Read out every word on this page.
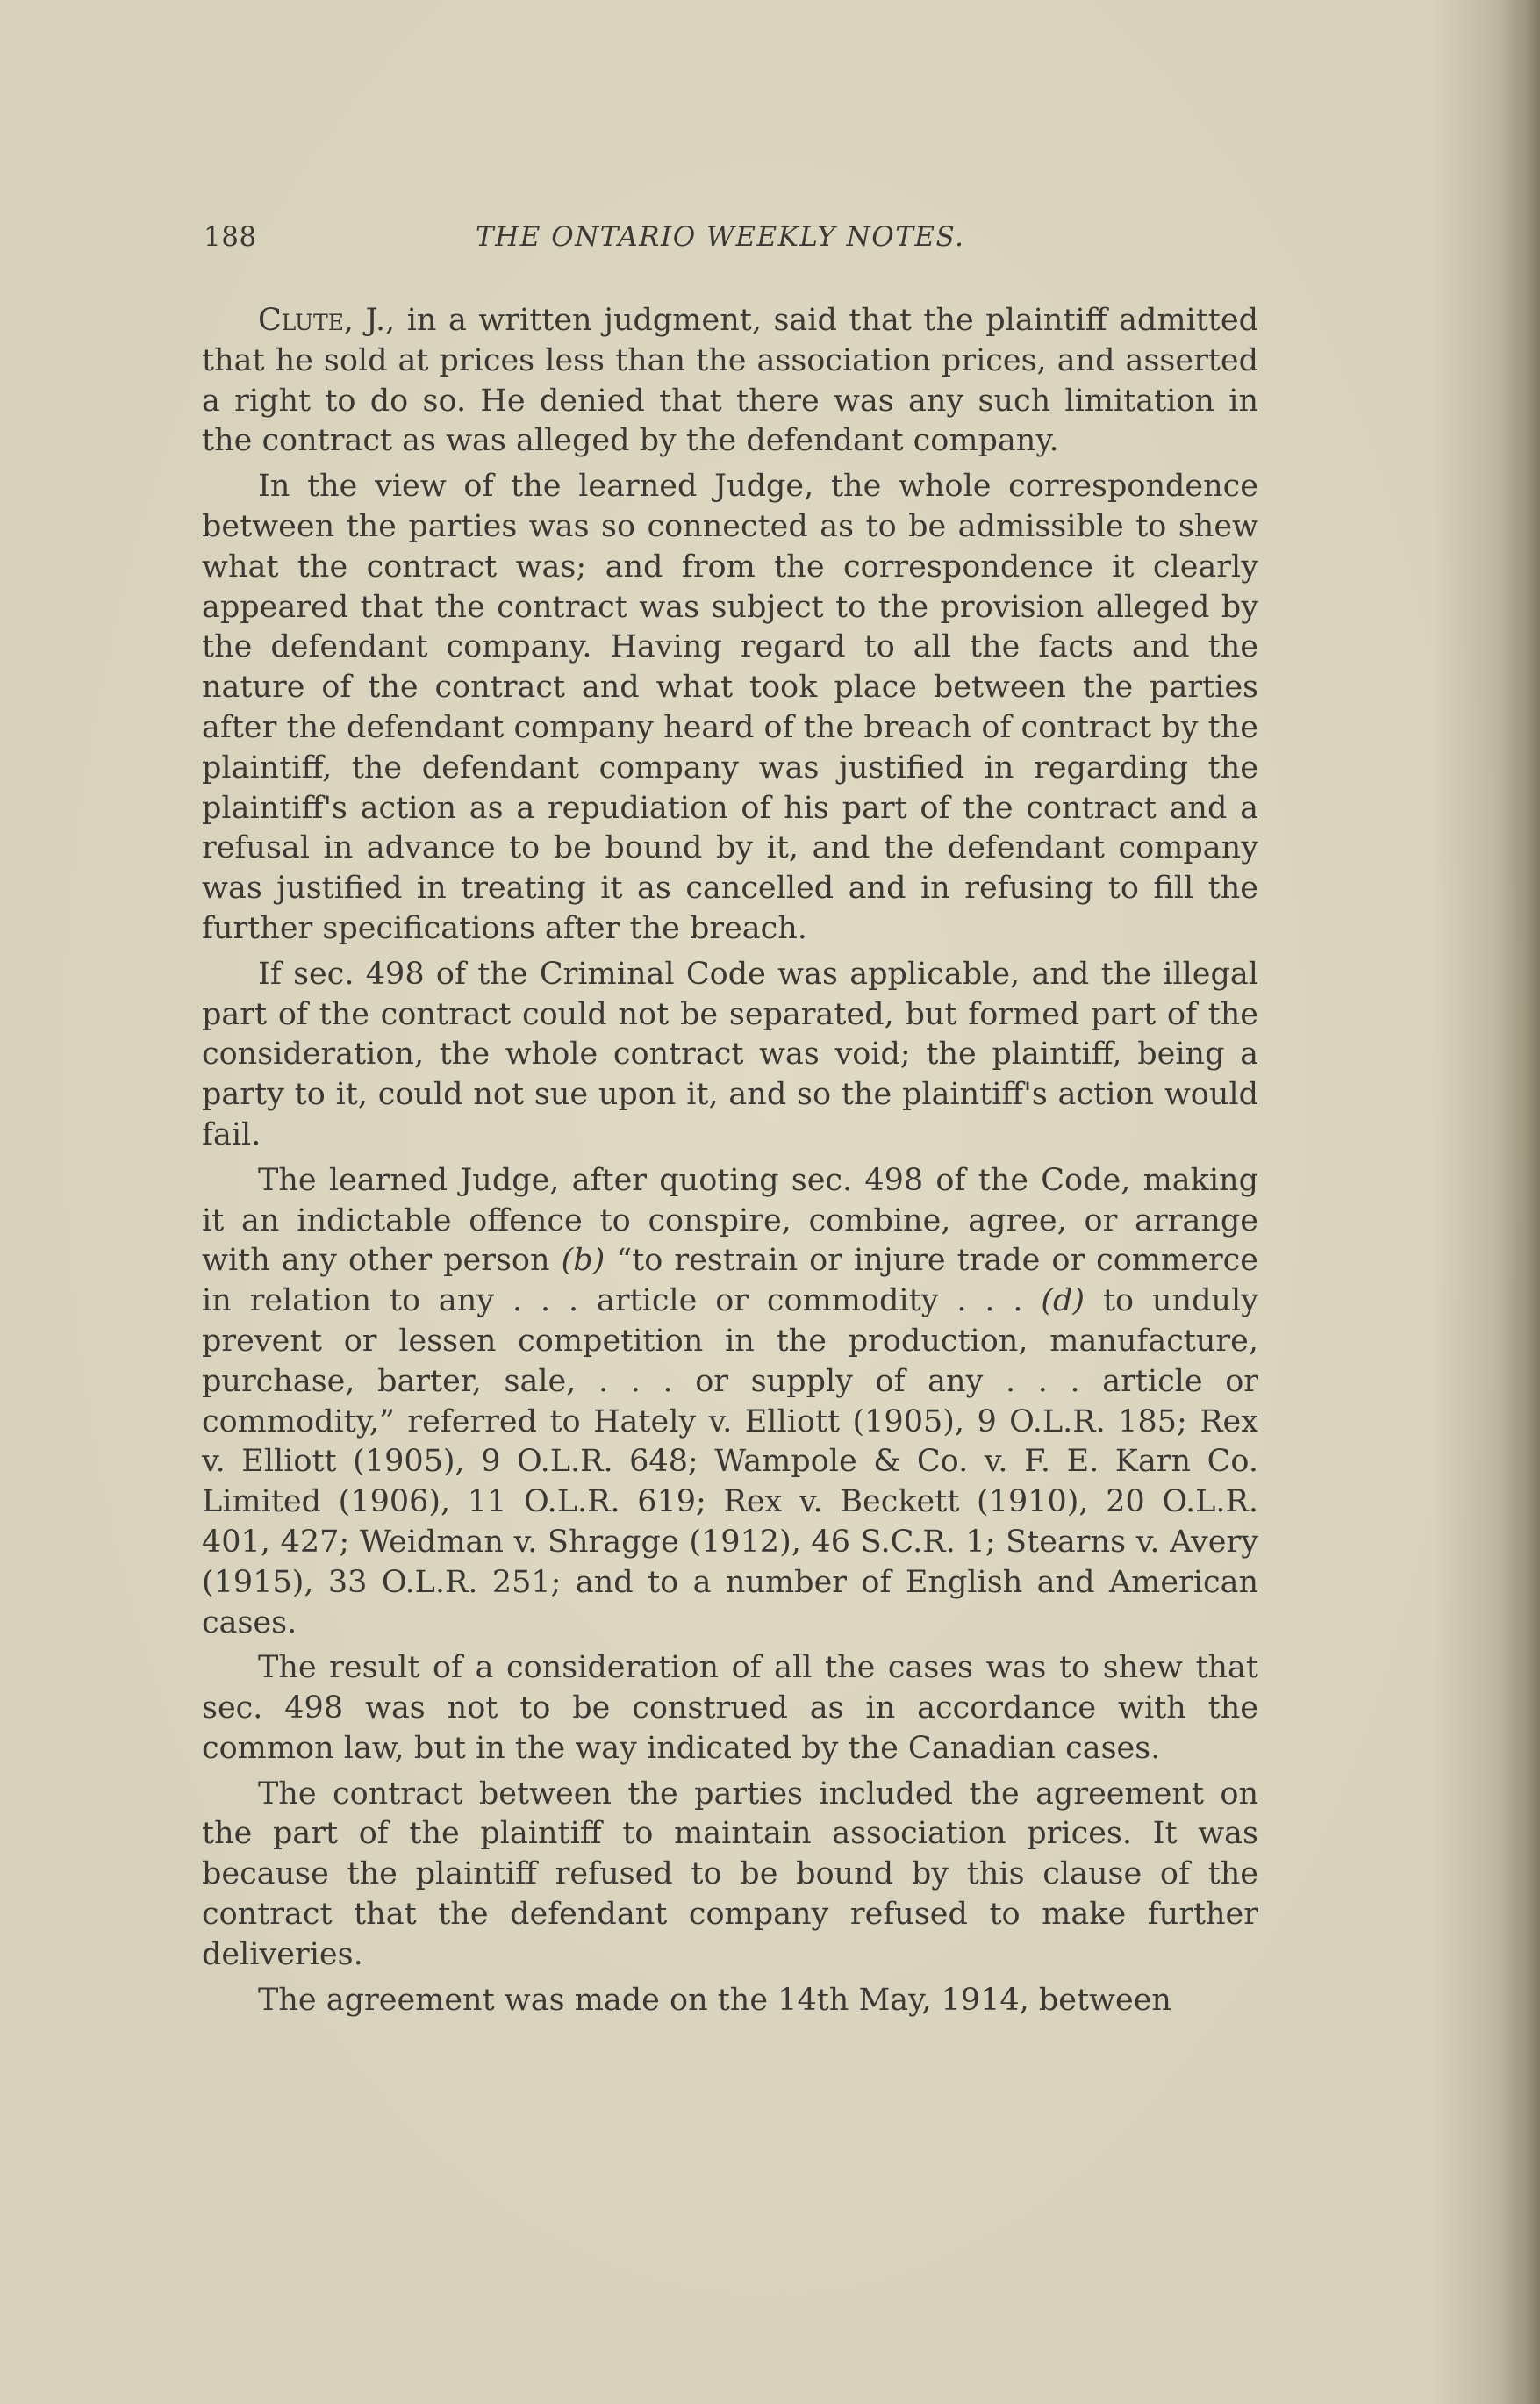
188	THE ONTARIO WEEKLY NOTES.

Clute, J., in a written judgment, said that the plaintiff admitted that he sold at prices less than the association prices, and asserted a right to do so. He denied that there was any such limitation in the contract as was alleged by the defendant company.

In the view of the learned Judge, the whole correspondence between the parties was so connected as to be admissible to shew what the contract was; and from the correspondence it clearly appeared that the contract was subject to the provision alleged by the defendant company. Having regard to all the facts and the nature of the contract and what took place between the parties after the defendant company heard of the breach of contract by the plaintiff, the defendant company was justified in regarding the plaintiff's action as a repudiation of his part of the contract and a refusal in advance to be bound by it, and the defendant company was justified in treating it as cancelled and in refusing to fill the further specifications after the breach.

If sec. 498 of the Criminal Code was applicable, and the illegal part of the contract could not be separated, but formed part of the consideration, the whole contract was void; the plaintiff, being a party to it, could not sue upon it, and so the plaintiff's action would fail.

The learned Judge, after quoting sec. 498 of the Code, making it an indictable offence to conspire, combine, agree, or arrange with any other person (b) “to restrain or injure trade or commerce in relation to any . . . article or commodity . . . (d) to unduly prevent or lessen competition in the production, manufacture, purchase, barter, sale, . . . or supply of any . . . article or commodity,” referred to Hately v. Elliott (1905), 9 O.L.R. 185; Rex v. Elliott (1905), 9 O.L.R. 648; Wampole & Co. v. F. E. Karn Co. Limited (1906), 11 O.L.R. 619; Rex v. Beckett (1910), 20 O.L.R. 401, 427; Weidman v. Shragge (1912), 46 S.C.R. 1; Stearns v. Avery (1915), 33 O.L.R. 251; and to a number of English and American cases.

The result of a consideration of all the cases was to shew that sec. 498 was not to be construed as in accordance with the common law, but in the way indicated by the Canadian cases.

The contract between the parties included the agreement on the part of the plaintiff to maintain association prices. It was because the plaintiff refused to be bound by this clause of the contract that the defendant company refused to make further deliveries.

The agreement was made on the 14th May, 1914, between
